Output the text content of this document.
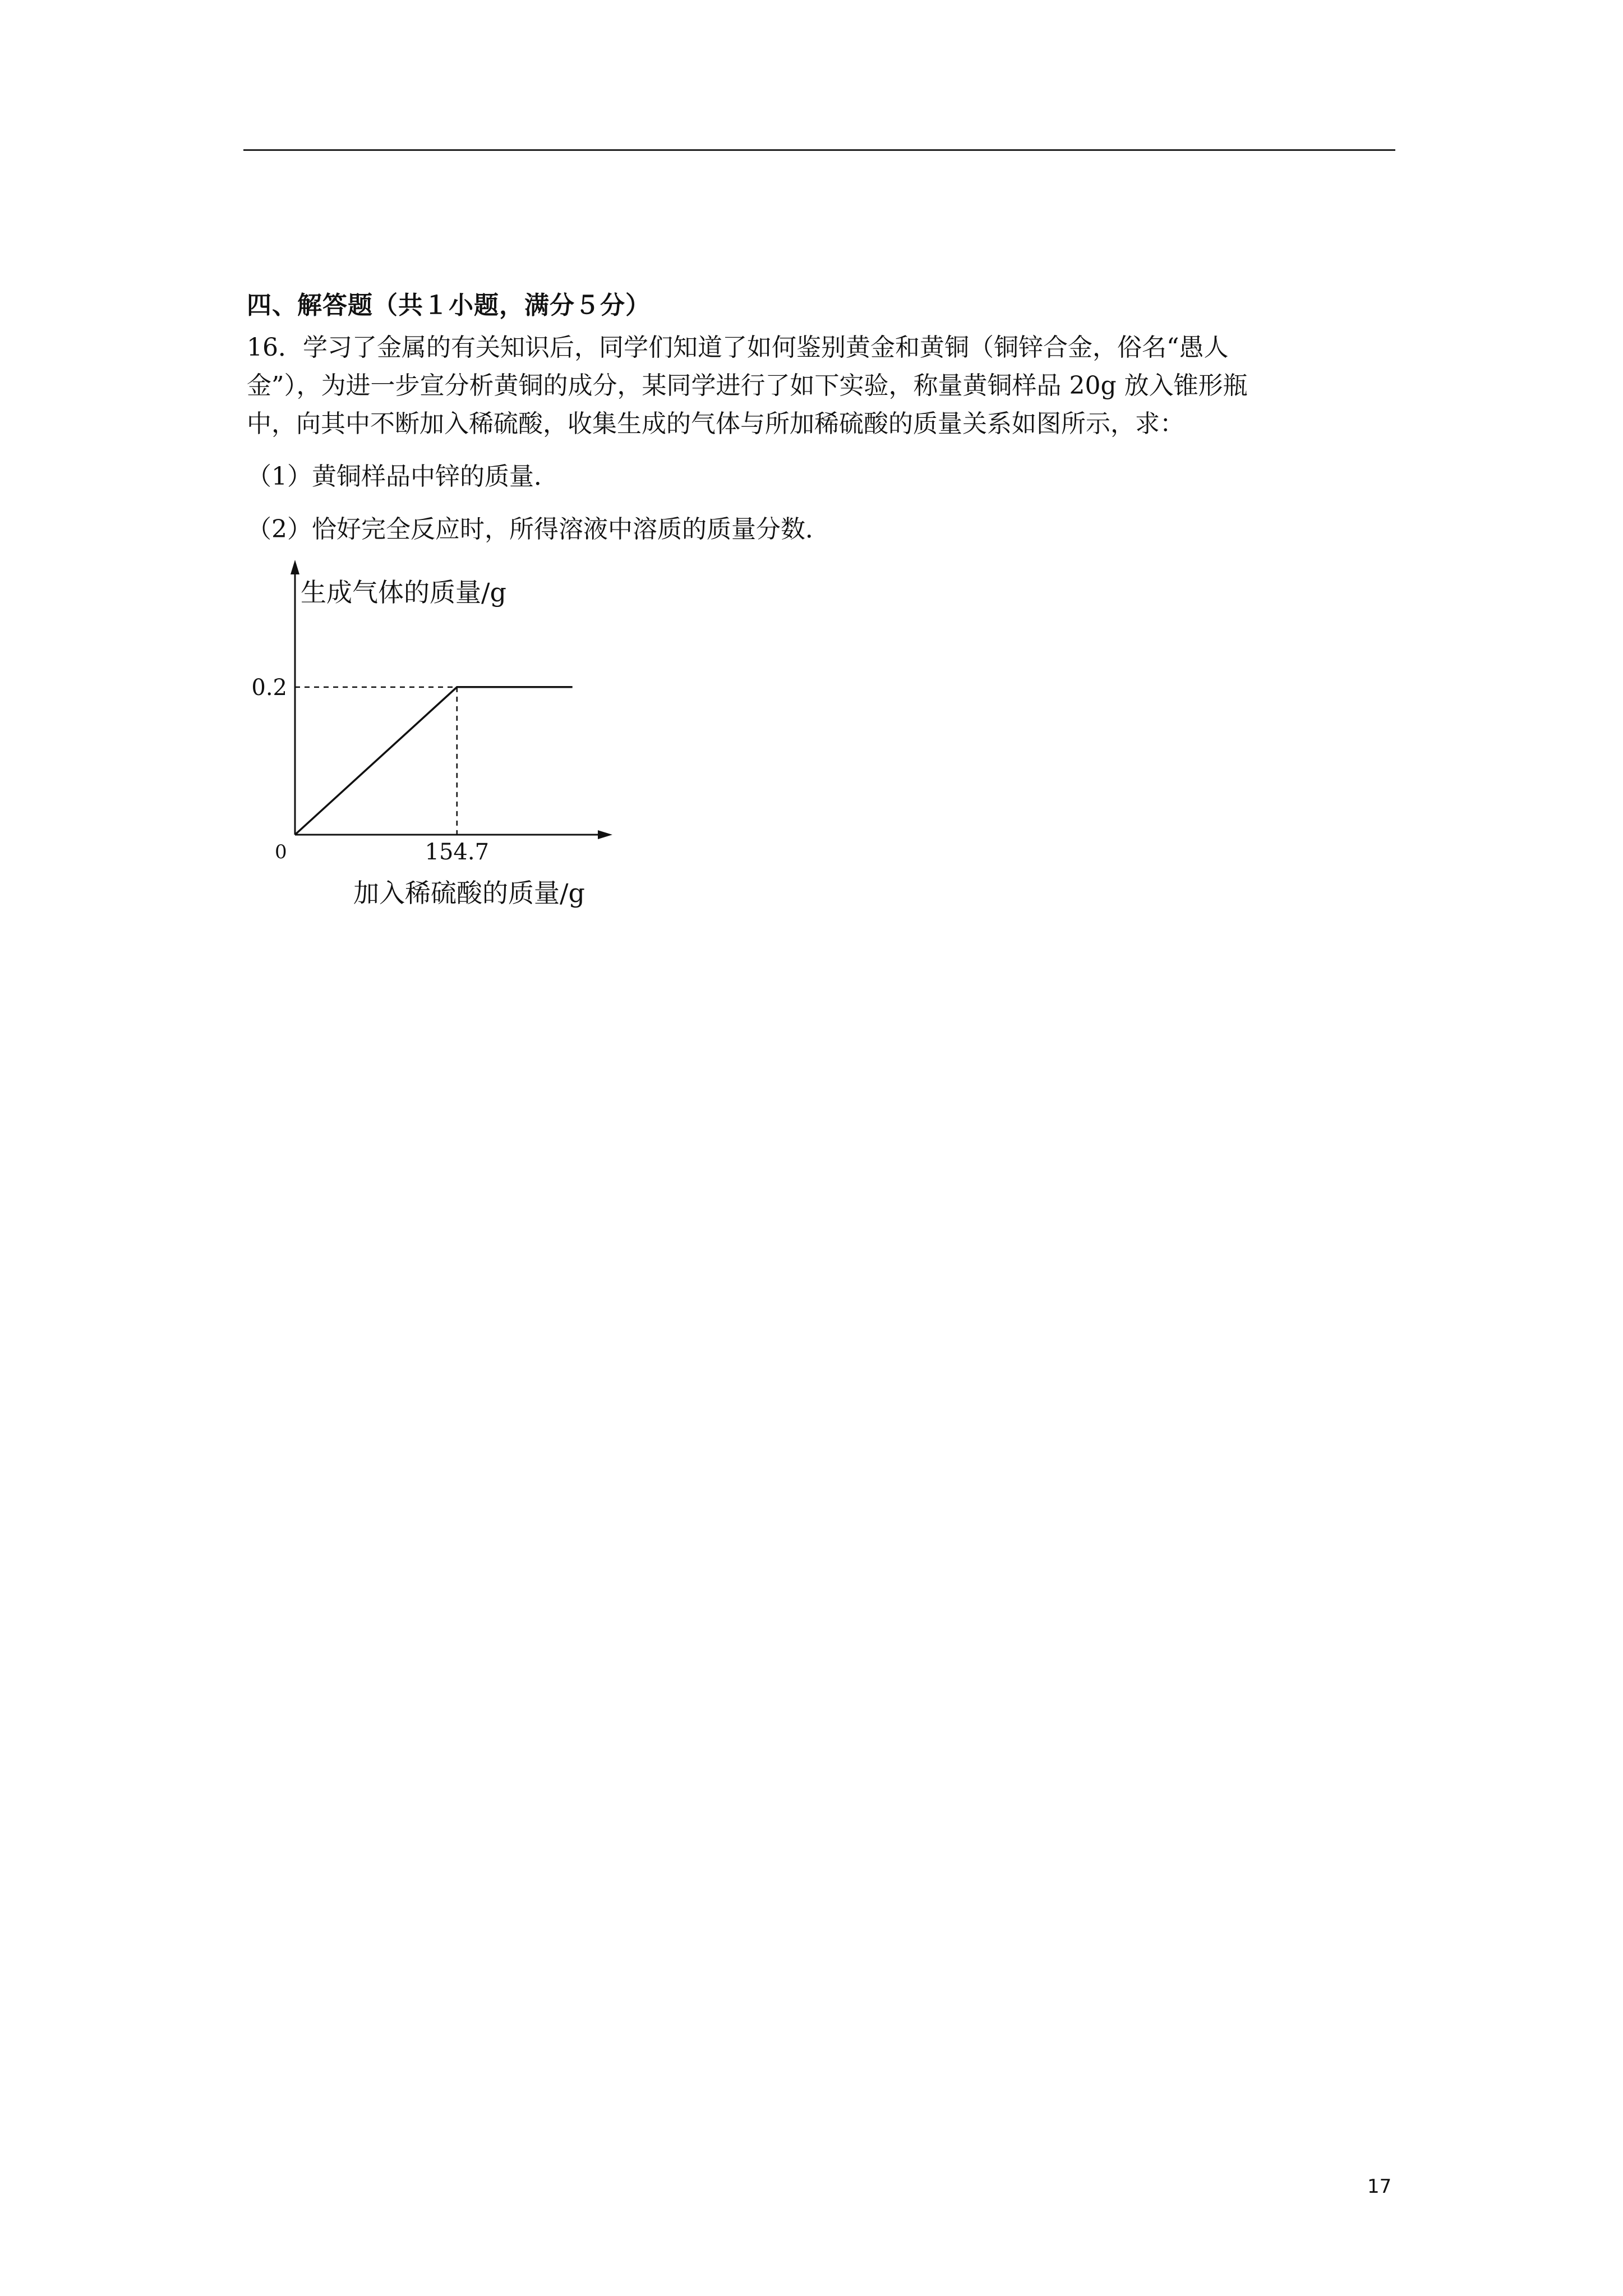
四、解答题（共１小题，满分５分）
16．学习了金属的有关知识后，同学们知道了如何鉴别黄金和黄铜（铜锌合金，俗名“愚人
金”），为进一步宣分析黄铜的成分，某同学进行了如下实验，称量黄铜样品 20g 放入锥形瓶
中，向其中不断加入稀硫酸，收集生成的气体与所加稀硫酸的质量关系如图所示，求：
（1）黄铜样品中锌的质量．
（2）恰好完全反应时，所得溶液中溶质的质量分数．
生成气体的质量/g
加入稀硫酸的质量/g
0	154.7
0.2
17
